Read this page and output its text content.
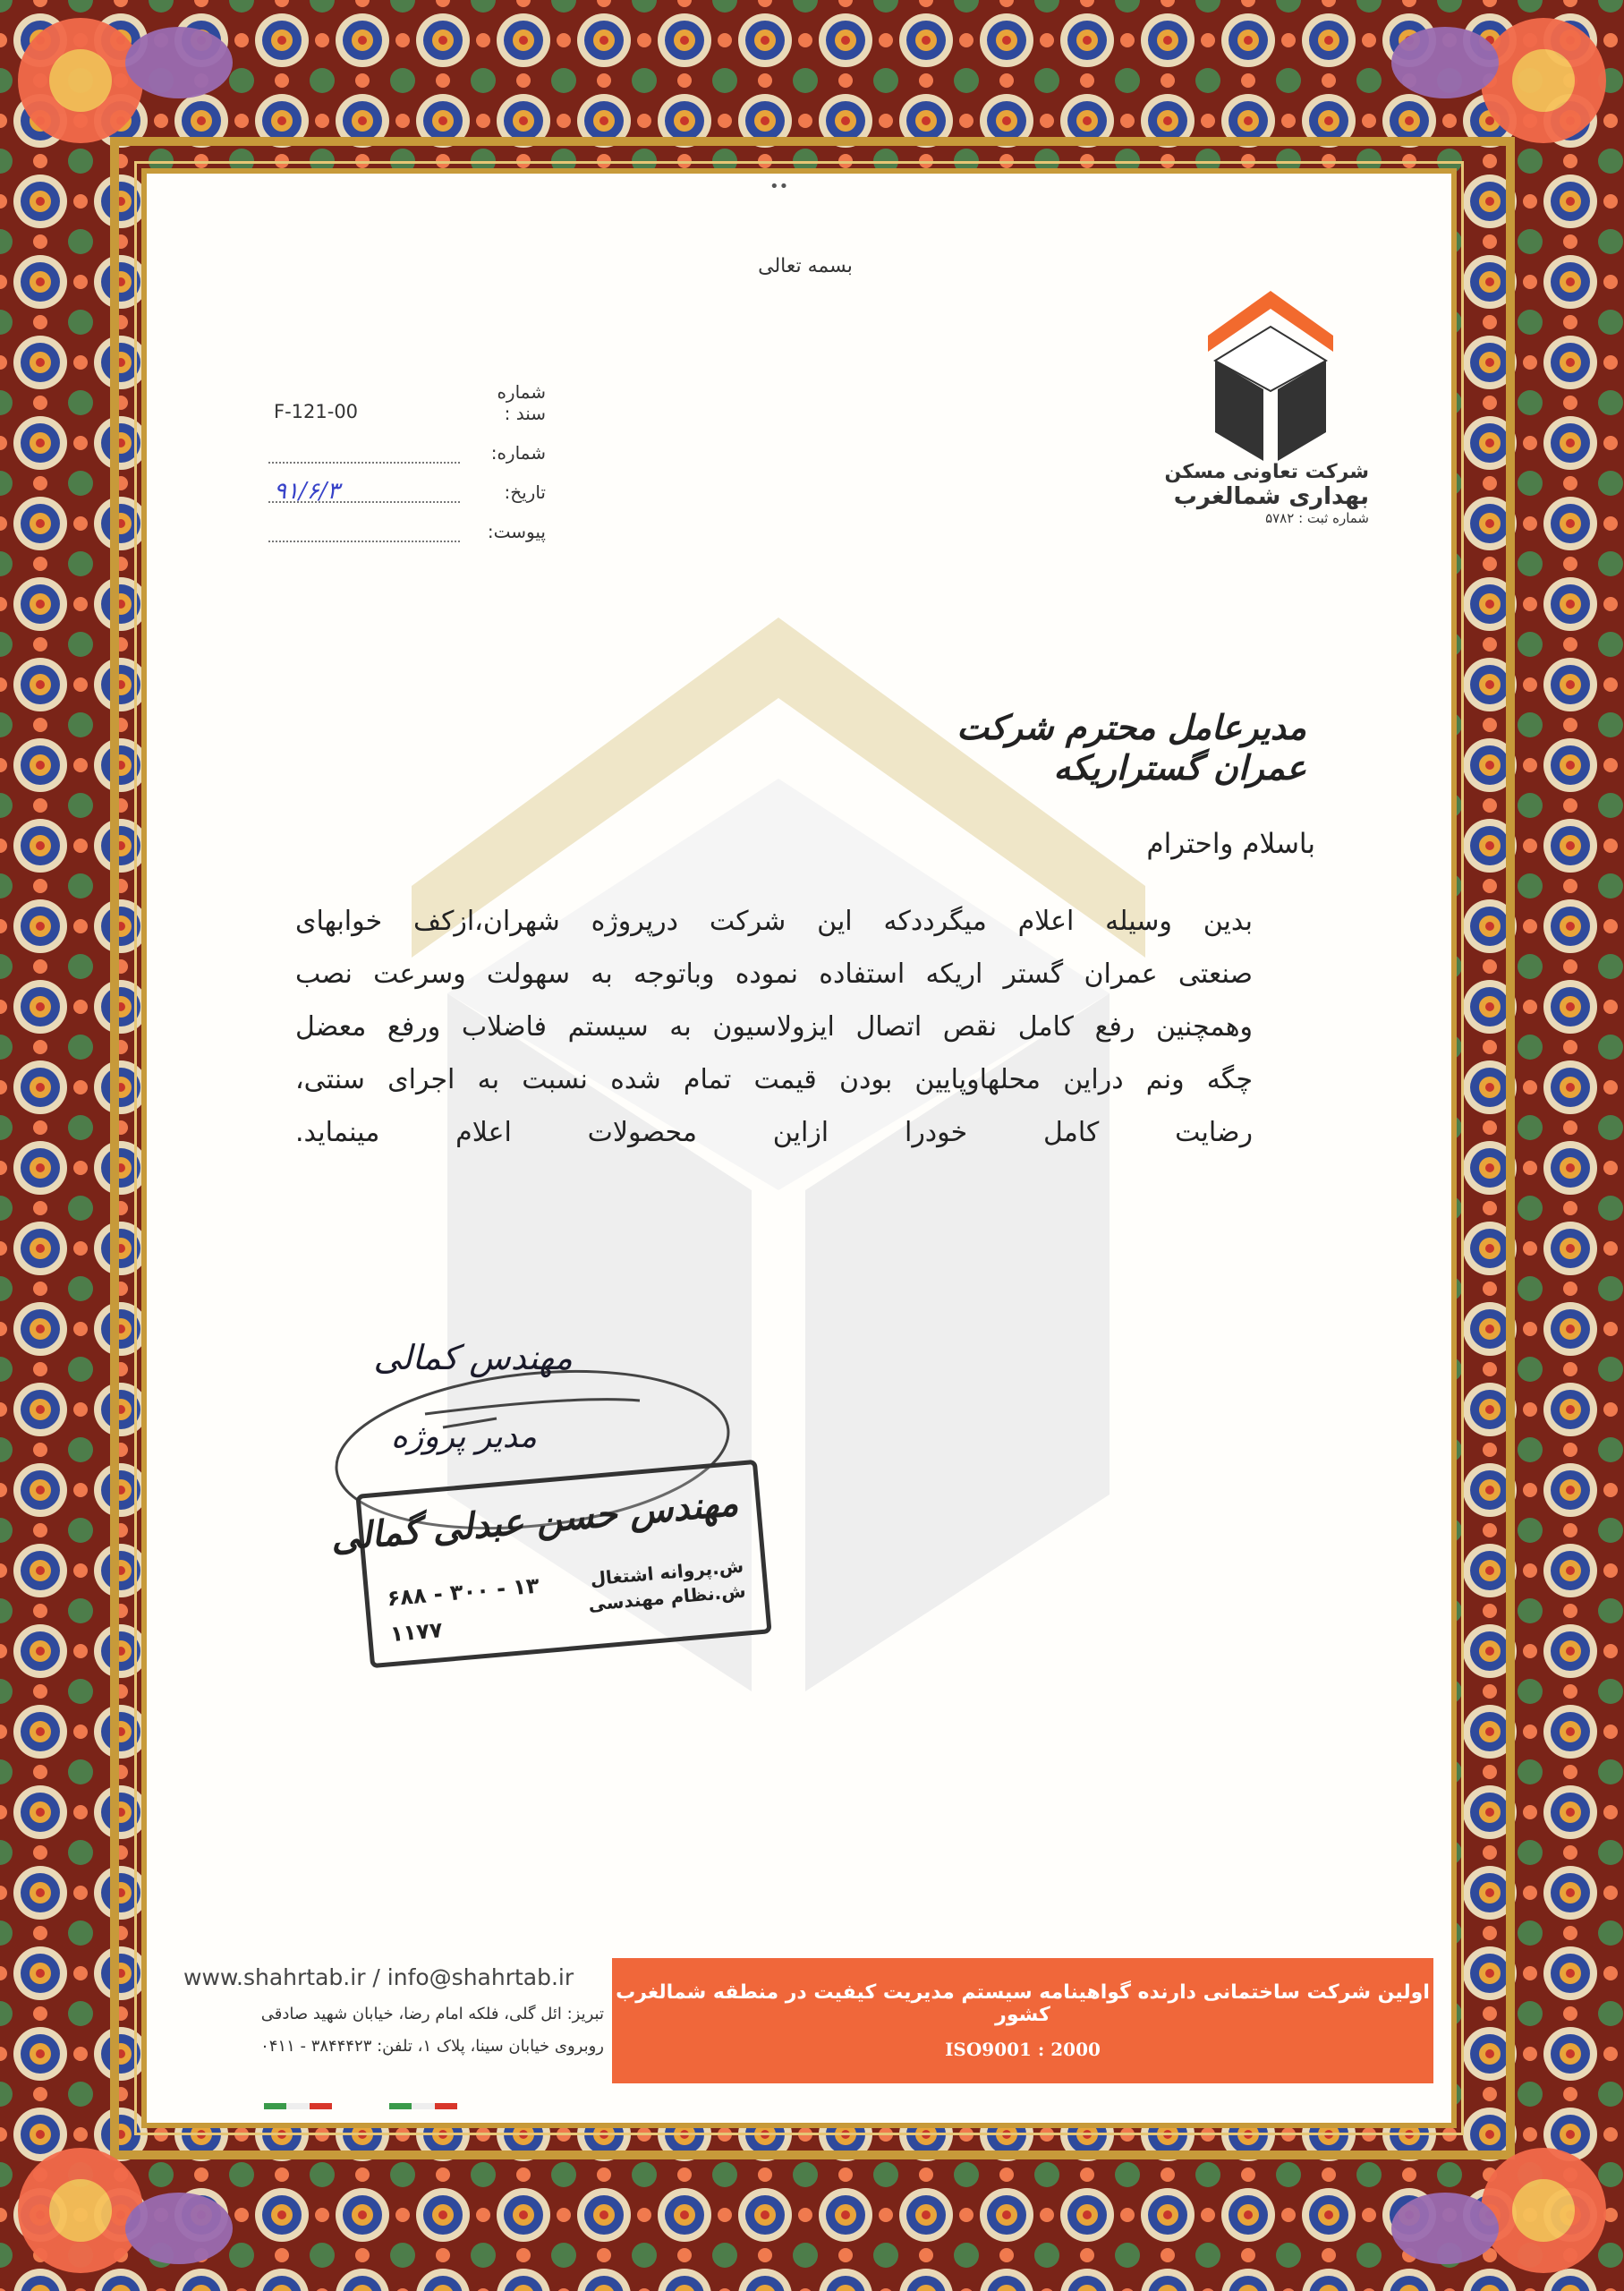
••
بسمه تعالی
شماره سند :
F-121-00
شماره:
تاریخ:
۹۱/۶/۳
پیوست:
شرکت تعاونی مسکن
بهداری شمالغرب
شماره ثبت : ۵۷۸۲
مدیرعامل محترم شرکت عمران گستراریکه
باسلام واحترام
بدین وسیله اعلام میگرددکه این شرکت درپروژه شهران،ازکف خوابهای
صنعتی عمران گستر اریکه استفاده نموده وباتوجه به سهولت وسرعت نصب
وهمچنین رفع کامل نقص اتصال ایزولاسیون به سیستم فاضلاب ورفع معضل
چگه ونم دراین محلهاوپایین بودن قیمت تمام شده نسبت به اجرای سنتی،
رضایت کامل خودرا ازاین محصولات اعلام مینماید.
مهندس کمالی
مدیر پروژه
مهندس حسن عبدلی گمالی
ش.پروانه اشتغال
ش.نظام مهندسی
۶۸۸ - ۳۰۰ - ۱۳
۱۱۷۷
www.shahrtab.ir / info@shahrtab.ir
تبریز: ائل گلی، فلکه امام رضا، خیابان شهید صادقی
روبروی خیابان سینا، پلاک ۱، تلفن: ۳۸۴۴۴۲۳ - ۰۴۱۱
اولین شرکت ساختمانی دارنده گواهینامه سیستم مدیریت کیفیت در منطقه شمالغرب کشور
ISO9001 : 2000
